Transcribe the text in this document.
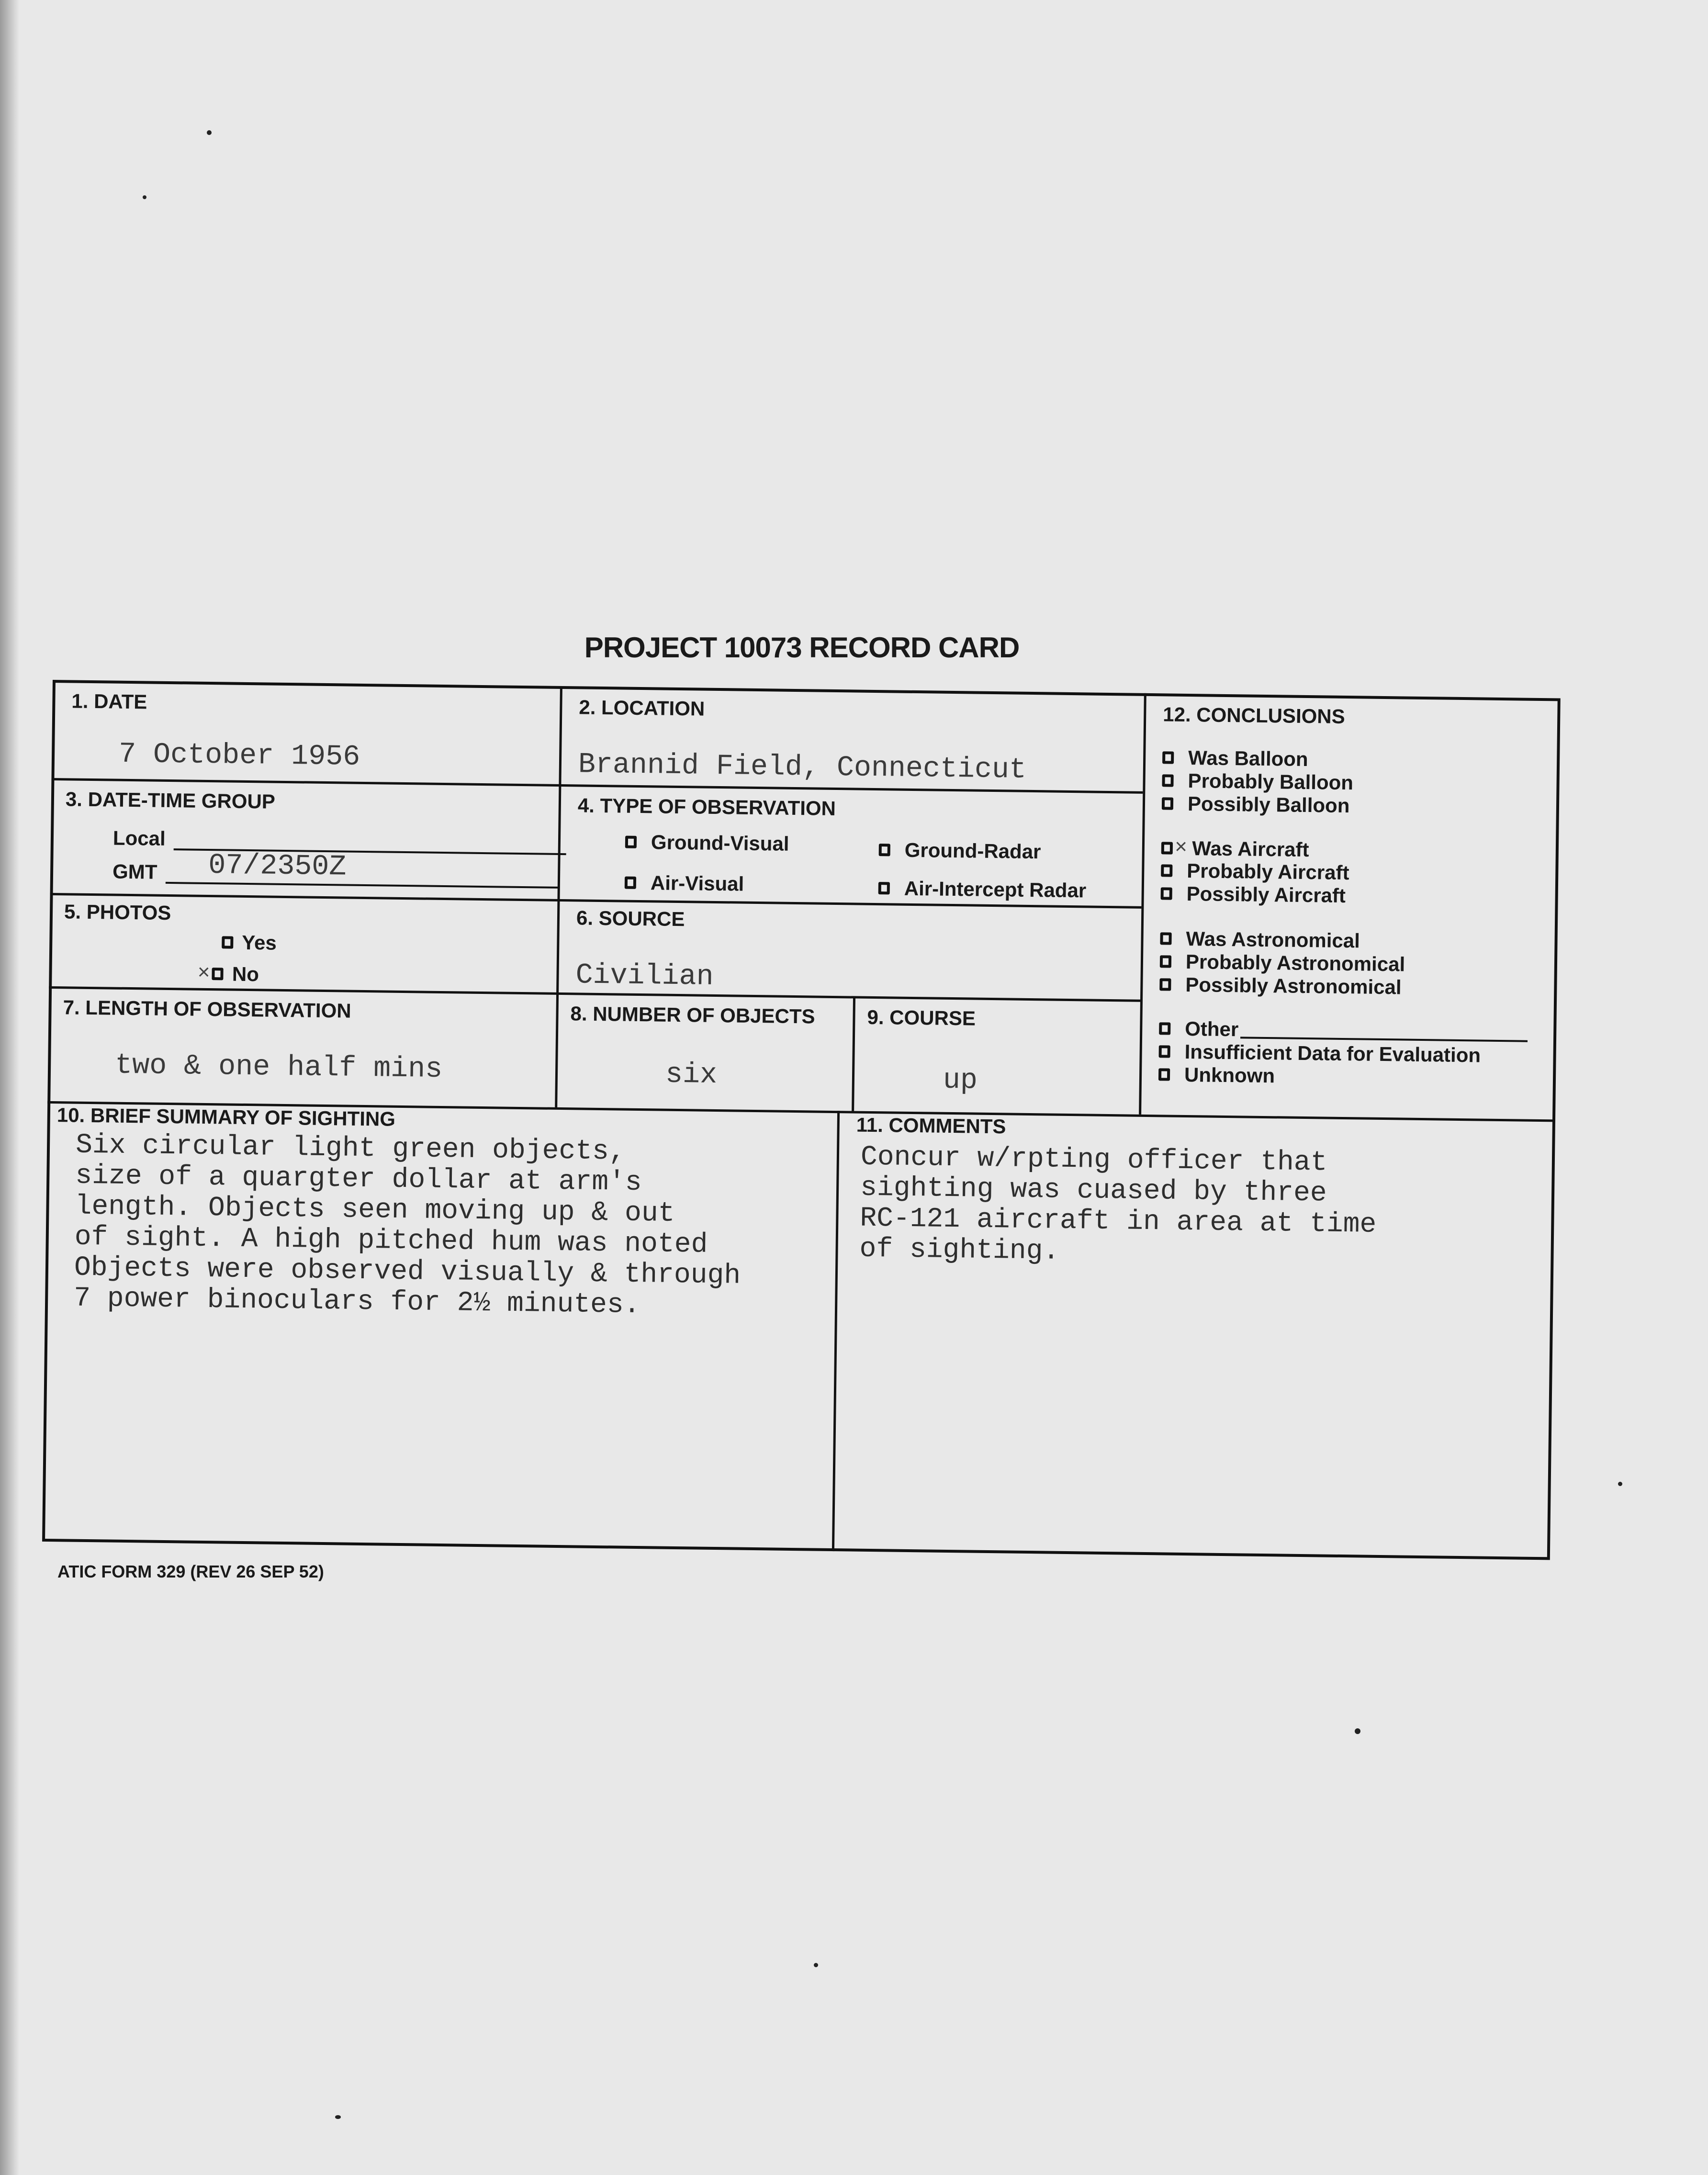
PROJECT 10073 RECORD CARD
1. DATE
7 October 1956
2. LOCATION
Brannid Field, Connecticut
3. DATE-TIME GROUP
Local
GMT	07/2350Z
4. TYPE OF OBSERVATION
Ground-Visual	Ground-Radar
Air-Visual	Air-Intercept Radar
5. PHOTOS
Yes
× No
6. SOURCE
Civilian
7. LENGTH OF OBSERVATION
two & one half mins
8. NUMBER OF OBJECTS
six
9. COURSE
up
12. CONCLUSIONS
Was Balloon
Probably Balloon
Possibly Balloon
× Was Aircraft
Probably Aircraft
Possibly Aircraft
Was Astronomical
Probably Astronomical
Possibly Astronomical
Other
Insufficient Data for Evaluation
Unknown
10. BRIEF SUMMARY OF SIGHTING
Six circular light green objects,
size of a quargter dollar at arm's
length. Objects seen moving up & out
of sight. A high pitched hum was noted
Objects were observed visually & through
7 power binoculars for 2½ minutes.
11. COMMENTS
Concur w/rpting officer that
sighting was cuased by three
RC-121 aircraft in area at time
of sighting.
ATIC FORM 329 (REV 26 SEP 52)
